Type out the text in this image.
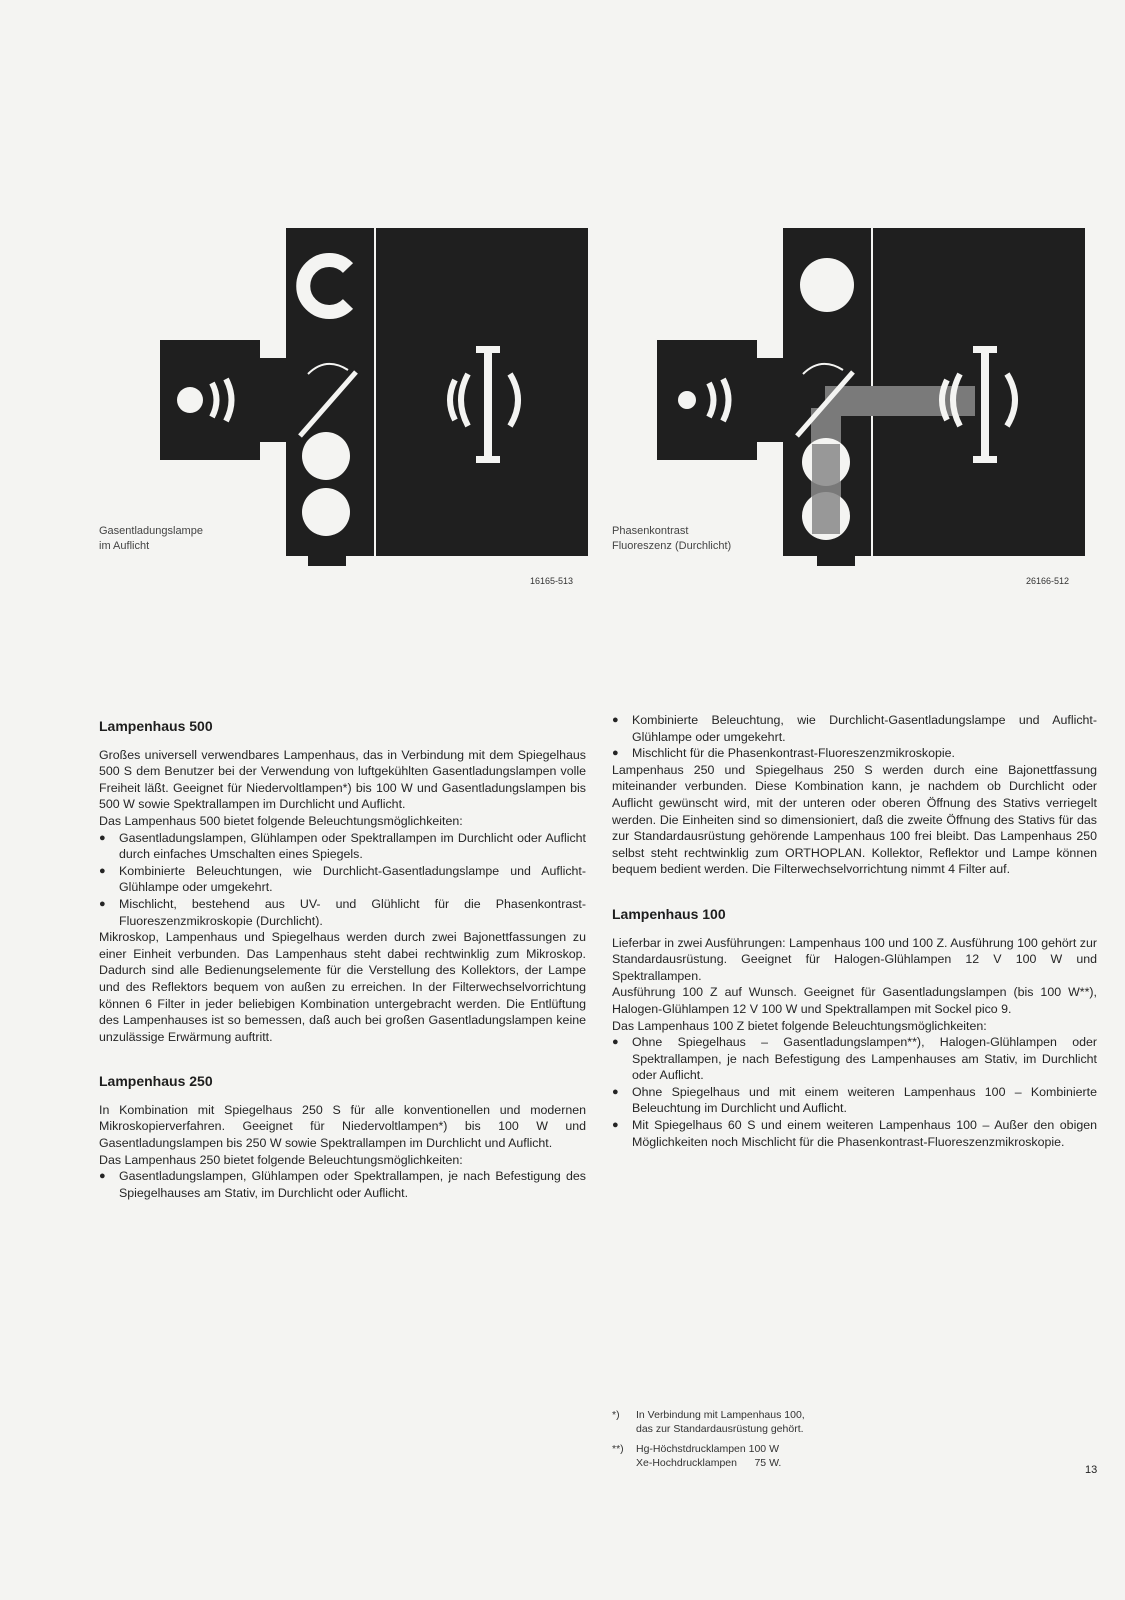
Gasentladungslampe
im Auflicht
16165-513
Phasenkontrast
Fluoreszenz (Durchlicht)
26166-512
Lampenhaus 500

Großes universell verwendbares Lampenhaus, das in Verbindung mit dem Spiegelhaus 500 S dem Benutzer bei der Verwendung von luftgekühlten Gasentladungslampen volle Freiheit läßt. Geeignet für Niedervoltlampen*) bis 100 W und Gasentladungslampen bis 500 W sowie Spektrallampen im Durchlicht und Auflicht.

Das Lampenhaus 500 bietet folgende Beleuchtungsmöglichkeiten:

● Gasentladungslampen, Glühlampen oder Spektrallampen im Durchlicht oder Auflicht durch einfaches Umschalten eines Spiegels.
● Kombinierte Beleuchtungen, wie Durchlicht-Gasentladungslampe und Auflicht-Glühlampe oder umgekehrt.
● Mischlicht, bestehend aus UV- und Glühlicht für die Phasenkontrast-Fluoreszenzmikroskopie (Durchlicht).

Mikroskop, Lampenhaus und Spiegelhaus werden durch zwei Bajonettfassungen zu einer Einheit verbunden. Das Lampenhaus steht dabei rechtwinklig zum Mikroskop. Dadurch sind alle Bedienungselemente für die Verstellung des Kollektors, der Lampe und des Reflektors bequem von außen zu erreichen. In der Filterwechselvorrichtung können 6 Filter in jeder beliebigen Kombination untergebracht werden. Die Entlüftung des Lampenhauses ist so bemessen, daß auch bei großen Gasentladungslampen keine unzulässige Erwärmung auftritt.

Lampenhaus 250

In Kombination mit Spiegelhaus 250 S für alle konventionellen und modernen Mikroskopierverfahren. Geeignet für Niedervoltlampen*) bis 100 W und Gasentladungslampen bis 250 W sowie Spektrallampen im Durchlicht und Auflicht.

Das Lampenhaus 250 bietet folgende Beleuchtungsmöglichkeiten:

● Gasentladungslampen, Glühlampen oder Spektrallampen, je nach Befestigung des Spiegelhauses am Stativ, im Durchlicht oder Auflicht.
● Kombinierte Beleuchtung, wie Durchlicht-Gasentladungslampe und Auflicht-Glühlampe oder umgekehrt.
● Mischlicht für die Phasenkontrast-Fluoreszenzmikroskopie.

Lampenhaus 250 und Spiegelhaus 250 S werden durch eine Bajonettfassung miteinander verbunden. Diese Kombination kann, je nachdem ob Durchlicht oder Auflicht gewünscht wird, mit der unteren oder oberen Öffnung des Stativs verriegelt werden. Die Einheiten sind so dimensioniert, daß die zweite Öffnung des Stativs für das zur Standardausrüstung gehörende Lampenhaus 100 frei bleibt. Das Lampenhaus 250 selbst steht rechtwinklig zum ORTHOPLAN. Kollektor, Reflektor und Lampe können bequem bedient werden. Die Filterwechselvorrichtung nimmt 4 Filter auf.

Lampenhaus 100

Lieferbar in zwei Ausführungen: Lampenhaus 100 und 100 Z. Ausführung 100 gehört zur Standardausrüstung. Geeignet für Halogen-Glühlampen 12 V 100 W und Spektrallampen.

Ausführung 100 Z auf Wunsch. Geeignet für Gasentladungslampen (bis 100 W**), Halogen-Glühlampen 12 V 100 W und Spektrallampen mit Sockel pico 9.

Das Lampenhaus 100 Z bietet folgende Beleuchtungsmöglichkeiten:

● Ohne Spiegelhaus – Gasentladungslampen**), Halogen-Glühlampen oder Spektrallampen, je nach Befestigung des Lampenhauses am Stativ, im Durchlicht oder Auflicht.
● Ohne Spiegelhaus und mit einem weiteren Lampenhaus 100 – Kombinierte Beleuchtung im Durchlicht und Auflicht.
● Mit Spiegelhaus 60 S und einem weiteren Lampenhaus 100 – Außer den obigen Möglichkeiten noch Mischlicht für die Phasenkontrast-Fluoreszenzmikroskopie.
*)	In Verbindung mit Lampenhaus 100,
das zur Standardausrüstung gehört.
**)	Hg-Höchstdrucklampen 100 W
Xe-Hochdrucklampen      75 W.
13
